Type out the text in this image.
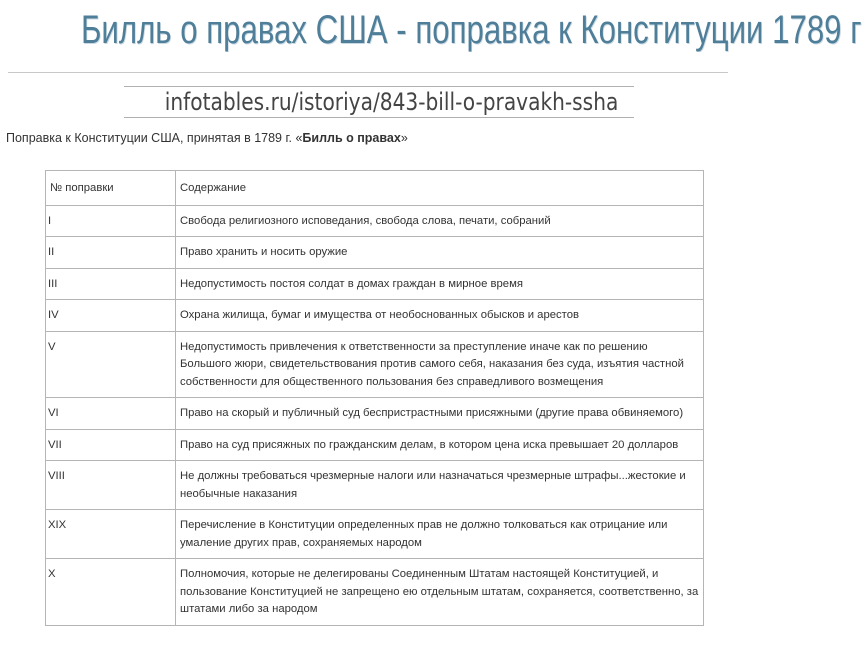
Билль о правах США - поправка к Конституции 1789 г
infotables.ru/istoriya/843-bill-o-pravakh-ssha
Поправка к Конституции США, принятая в 1789 г. «Билль о правах»
№ поправки	Содержание
I	Свобода религиозного исповедания, свобода слова, печати, собраний
II	Право хранить и носить оружие
III	Недопустимость постоя солдат в домах граждан в мирное время
IV	Охрана жилища, бумаг и имущества от необоснованных обысков и арестов
V	Недопустимость привлечения к ответственности за преступление иначе как по решению Большого жюри, свидетельствования против самого себя, наказания без суда, изъятия частной собственности для общественного пользования без справедливого возмещения
VI	Право на скорый и публичный суд беспристрастными присяжными (другие права обвиняемого)
VII	Право на суд присяжных по гражданским делам, в котором цена иска превышает 20 долларов
VIII	Не должны требоваться чрезмерные налоги или назначаться чрезмерные штрафы...жестокие и необычные наказания
XIX	Перечисление в Конституции определенных прав не должно толковаться как отрицание или умаление других прав, сохраняемых народом
X	Полномочия, которые не делегированы Соединенным Штатам настоящей Конституцией, и пользование Конституцией не запрещено ею отдельным штатам, сохраняется, соответственно, за штатами либо за народом
